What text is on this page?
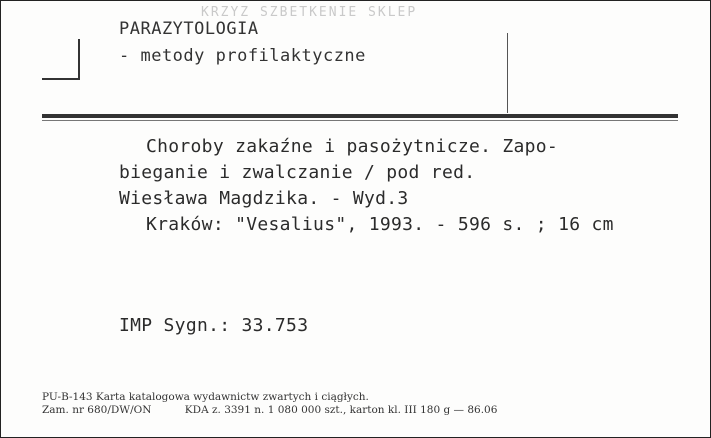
KRZYZ SZBETKENIE SKLEP
PARAZYTOLOGIA
- metody profilaktyczne
Choroby zakaźne i pasożytnicze. Zapo-
bieganie i zwalczanie / pod red.
Wiesława Magdzika. - Wyd.3
Kraków: "Vesalius", 1993. - 596 s. ; 16 cm
IMP Sygn.: 33.753
PU-B-143 Karta katalogowa wydawnictw zwartych i ciągłych.
Zam. nr 680/DW/ON          KDA z. 3391 n. 1 080 000 szt., karton kl. III 180 g — 86.06
